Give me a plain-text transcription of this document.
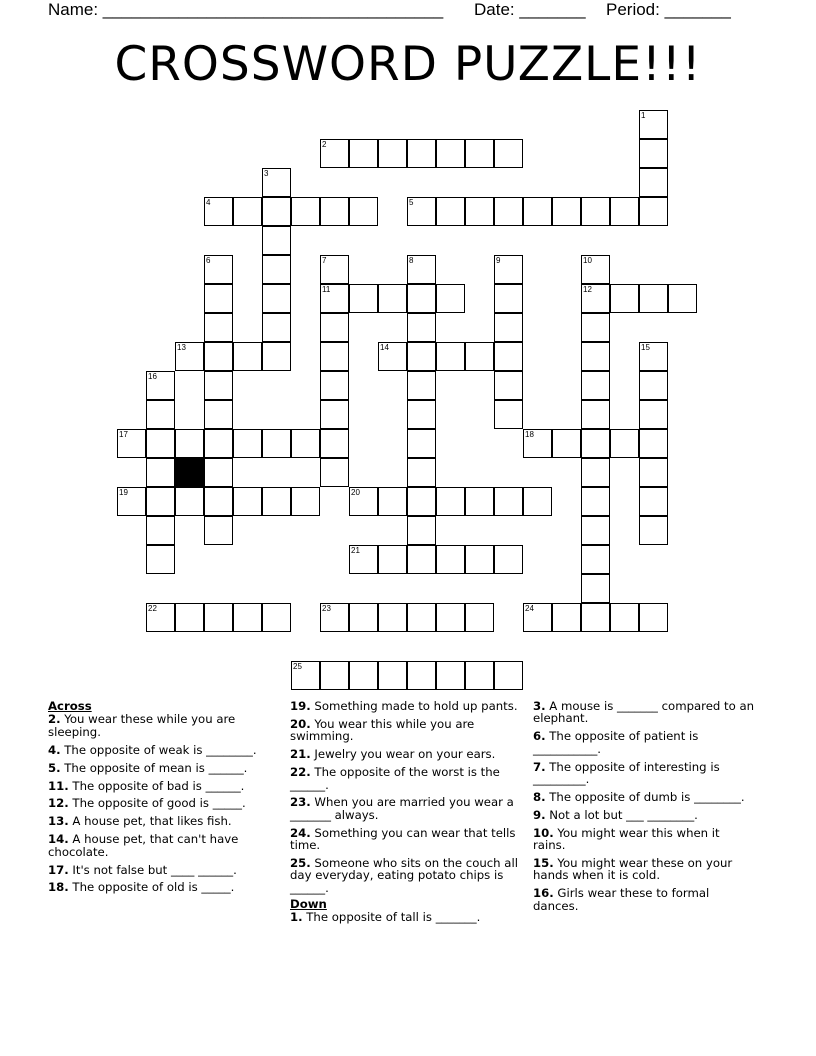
Name: ____________________________________ Date: _______ Period: _______
CROSSWORD PUZZLE!!!
1
2
3
4	5
6	7
11
8	9	10
12
13	14	15
16
17	18
19	20
21
22	23	24
25
Across
2. You wear these while you are sleeping.
4. The opposite of weak is ________.
5. The opposite of mean is ______.
11. The opposite of bad is ______.
12. The opposite of good is _____.
13. A house pet, that likes fish.
14. A house pet, that can't have chocolate.
17. It's not false but ____ ______.
18. The opposite of old is _____.
19. Something made to hold up pants.
20. You wear this while you are swimming.
21. Jewelry you wear on your ears.
22. The opposite of the worst is the ______.
23. When you are married you wear a _______ always.
24. Something you can wear that tells time.
25. Someone who sits on the couch all day everyday, eating potato chips is ______.
Down
1. The opposite of tall is _______.
3. A mouse is _______ compared to an elephant.
6. The opposite of patient is ___________.
7. The opposite of interesting is _________.
8. The opposite of dumb is ________.
9. Not a lot but ___ ________.
10. You might wear this when it rains.
15. You might wear these on your hands when it is cold.
16. Girls wear these to formal dances.
